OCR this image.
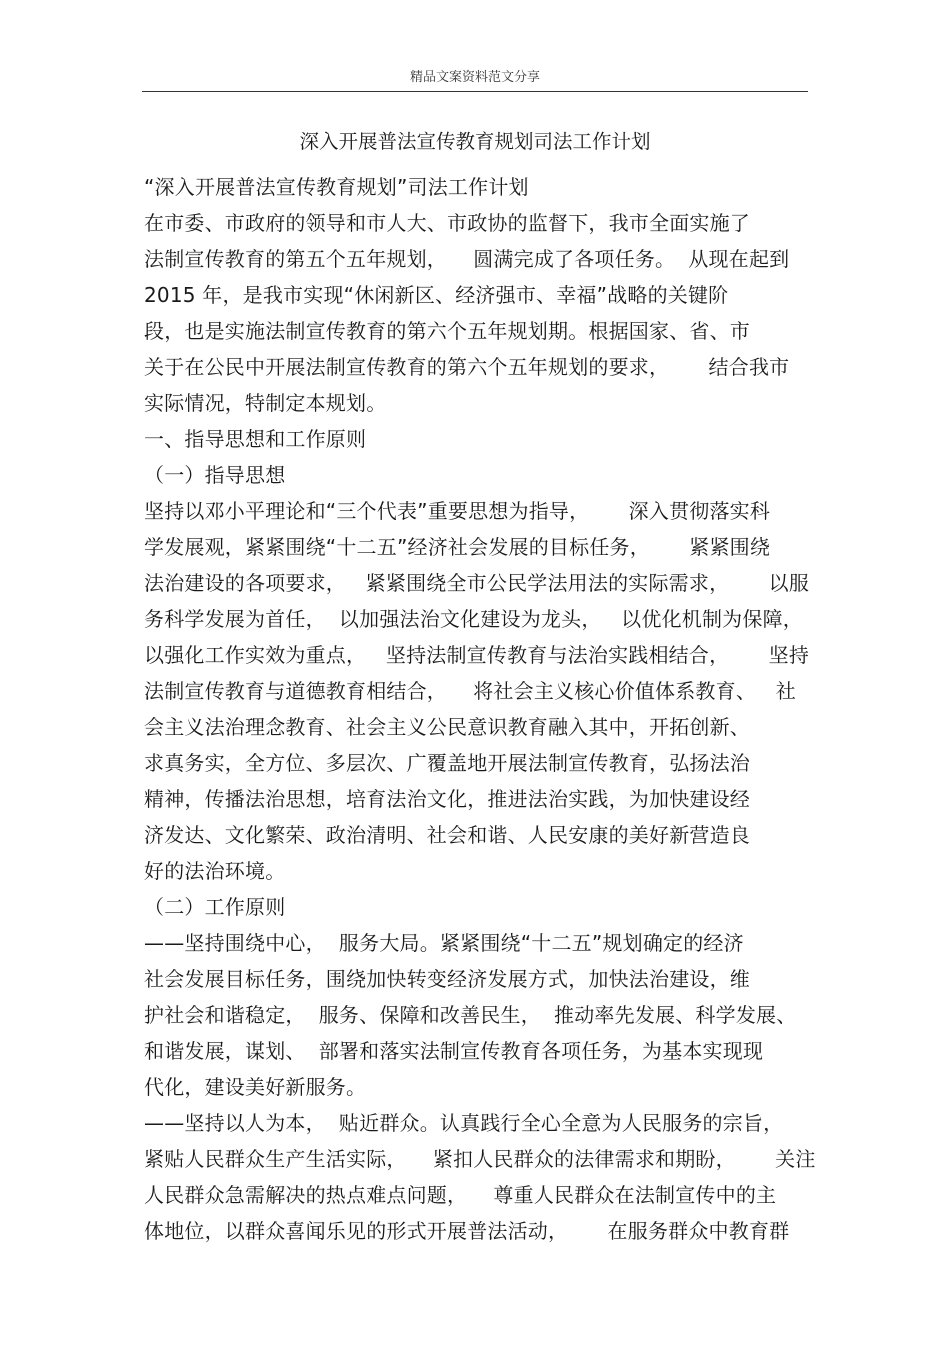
精品文案资料范文分享
深入开展普法宣传教育规划司法工作计划
“深入开展普法宣传教育规划”司法工作计划
在市委、市政府的领导和市人大、市政协的监督下，我市全面实施了
法制宣传教育的第五个五年规划，    圆满完成了各项任务。  从现在起到
2015 年，是我市实现“休闲新区、经济强市、幸福”战略的关键阶
段，也是实施法制宣传教育的第六个五年规划期。根据国家、省、市
关于在公民中开展法制宣传教育的第六个五年规划的要求，      结合我市
实际情况，特制定本规划。
一、指导思想和工作原则
（一）指导思想
坚持以邓小平理论和“三个代表”重要思想为指导，      深入贯彻落实科
学发展观，紧紧围绕“十二五”经济社会发展的目标任务，      紧紧围绕
法治建设的各项要求，   紧紧围绕全市公民学法用法的实际需求，      以服
务科学发展为首任，  以加强法治文化建设为龙头，   以优化机制为保障，
以强化工作实效为重点，   坚持法制宣传教育与法治实践相结合，      坚持
法制宣传教育与道德教育相结合，    将社会主义核心价值体系教育、   社
会主义法治理念教育、社会主义公民意识教育融入其中，开拓创新、
求真务实，全方位、多层次、广覆盖地开展法制宣传教育，弘扬法治
精神，传播法治思想，培育法治文化，推进法治实践，为加快建设经
济发达、文化繁荣、政治清明、社会和谐、人民安康的美好新营造良
好的法治环境。
（二）工作原则
——坚持围绕中心，  服务大局。紧紧围绕“十二五”规划确定的经济
社会发展目标任务，围绕加快转变经济发展方式，加快法治建设，维
护社会和谐稳定，  服务、保障和改善民生，  推动率先发展、科学发展、
和谐发展，谋划、  部署和落实法制宣传教育各项任务，为基本实现现
代化，建设美好新服务。
——坚持以人为本，  贴近群众。认真践行全心全意为人民服务的宗旨，
紧贴人民群众生产生活实际，    紧扣人民群众的法律需求和期盼，      关注
人民群众急需解决的热点难点问题，    尊重人民群众在法制宣传中的主
体地位，以群众喜闻乐见的形式开展普法活动，      在服务群众中教育群
